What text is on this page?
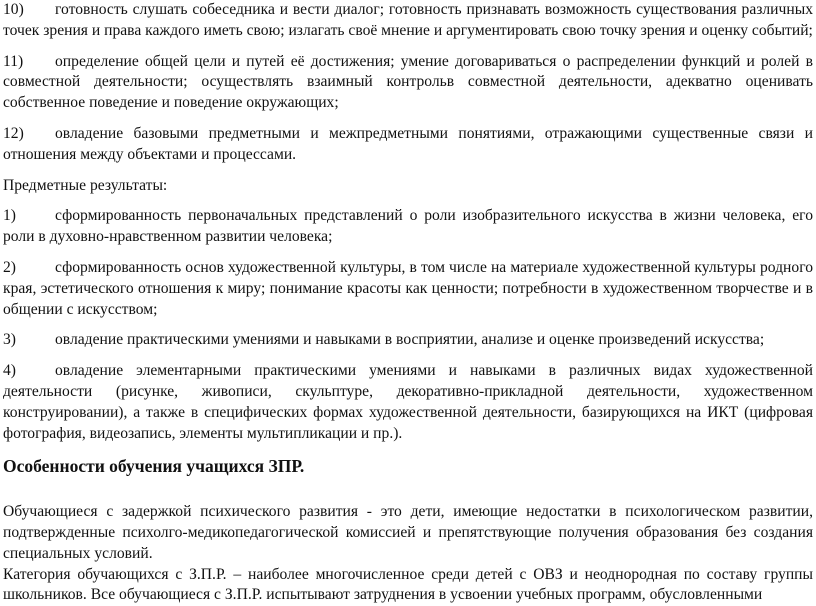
10) готовность слушать собеседника и вести диалог; готовность признавать возможность существования различных точек зрения и права каждого иметь свою; излагать своё мнение и аргументировать свою точку зрения и оценку событий;
11) определение общей цели и путей её достижения; умение договариваться о распределении функций и ролей в совместной деятельности; осуществлять взаимный контрольв совместной деятельности, адекватно оценивать собственное поведение и поведение окружающих;
12) овладение базовыми предметными и межпредметными понятиями, отражающими существенные связи и отношения между объектами и процессами.

Предметные результаты:

1)	сформированность первоначальных представлений о роли изобразительного искусства в жизни человека, его роли в духовно-нравственном развитии человека;
2)	сформированность основ художественной культуры, в том числе на материале художественной культуры родного края, эстетического отношения к миру; понимание красоты как ценности; потребности в художественном творчестве и в общении с искусством;
3)	овладение практическими умениями и навыками в восприятии, анализе и оценке произведений искусства;
4)	овладение элементарными практическими умениями и навыками в различных видах художественной деятельности (рисунке, живописи, скульптуре, декоративно-прикладной деятельности, художественном конструировании), а также в специфических формах художественной деятельности, базирующихся на ИКТ (цифровая фотография, видеозапись, элементы мультипликации и пр.).
Особенности обучения учащихся ЗПР.

Обучающиеся с задержкой психического развития - это дети, имеющие недостатки в психологическом развитии, подтвержденные психолго-медикопедагогической комиссией и препятствующие получения образования без создания специальных условий.

Категория обучающихся с З.П.Р. – наиболее многочисленное среди детей с ОВЗ и неоднородная по составу группы школьников. Все обучающиеся с З.П.Р. испытывают затруднения в усвоении учебных программ, обусловленными
